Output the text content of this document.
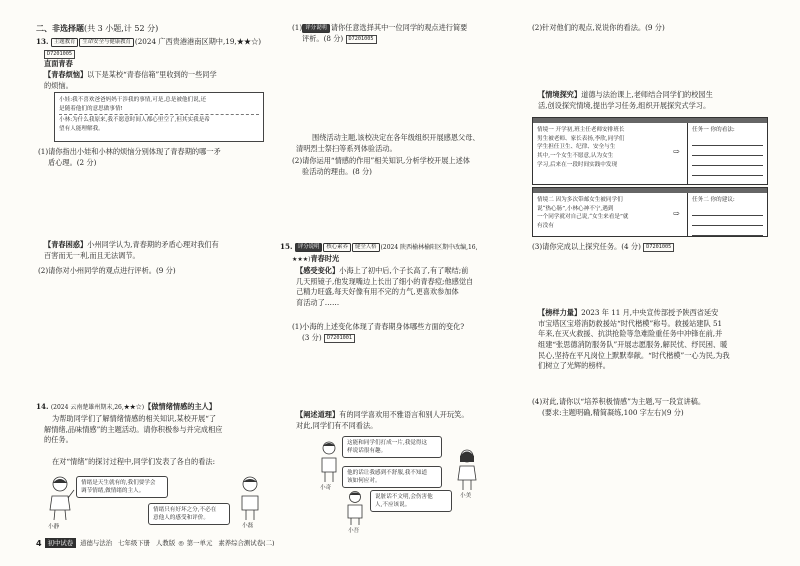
二、非选择题(共 3 小题,计 52 分)

13. 主题教育 生命安全与健康教育 (2024 广西贵港港南区期中,19,★★☆)

D7201005

直面青春

【青春烦恼】以下是某校“青春信箱”里收到的一些同学
的烦恼。

小娃:我不喜欢爸爸妈妈干涉我的事情,可是,总是被他们说,还
是随着他们的意思做事情!
小林:为什么我原来,我不愿意时间人都心里空了,但其实我是希
望有人能理解我。

(1)请你指出小娃和小林的烦恼分别体现了青春期的哪一矛
盾心理。(2 分)

【青春困惑】小州同学认为,青春期的矛盾心理对我们有
百害而无一利,而且无法调节。

(2)请你对小州同学的观点进行评析。(9 分)

14. (2024 云南楚雄州期末,26,★★☆)【做情绪情感的主人】

为帮助同学们了解情绪情感的相关知识,某校开展“了
解情绪,品味情感”的主题活动。请你积极参与并完成相应
的任务。

在对“情绪”的探讨过程中,同学们发表了各自的看法:

小静
情绪是天生就有的,我们要学会
调节情绪,做情绪的主人。
情绪只有好坏之分,不必在
意他人的感受和评价。
小磊

(1) 评分说明 请你任意选择其中一位同学的观点进行简要
评析。(8 分) D7201005

围绕活动主题,该校决定在各年级组织开展感恩父母、
清明烈士祭扫等系列体验活动。

(2)请你运用“情感的作用”相关知识,分析学校开展上述体
验活动的理由。(8 分)

15. 评分说明 核心素养 健全人格 (2024 陕西榆林榆阳区期中改编,16,

★★★)青春时光

【感受变化】小海上了初中后,个子长高了,有了喉结;前
几天照镜子,他发现嘴边上长出了细小的青春痘;他感觉自
己精力旺盛,每天好像有用不完的力气,更喜欢参加体
育活动了……

(1)小海的上述变化体现了青春期身体哪些方面的变化?
(3 分) D7201001

【阐述道理】有的同学喜欢用不雅语言和别人开玩笑。
对此,同学们有不同看法。

小奇
这能和同学们打成一片,我觉得这
样说话很有趣。
他的话让我感到不舒服,我不知道
该如何应对。
小美
说脏话不文明,会伤害他
人,不应该说。
小吾

(2)针对他们的观点,说说你的看法。(9 分)

【情境探究】道德与法治课上,老师结合同学们的校园生
活,创设探究情境,提出学习任务,组织开展探究式学习。

情境一 开学初,班主任老师安排班长
男生被老师、家长表扬,李欣,同学们
学生担任卫生、纪律、安全与生
其中,一个女生不愿意,认为女生
学习,后来在一段时间实践中发现
⇨
任务一 你的看法:
情境二 因为多次带邮女生被同学们
说“热心肠”,小林心神不宁,遇到
一个同学就对自己说,“女生来看是”就
有没有
⇨
任务二 你的建议:

(3)请你完成以上探究任务。(4 分) D7201005

【榜样力量】2023 年 11 月,中央宣传部授予陕西省延安
市宝塔区宝塔消防救援站“时代楷模”称号。救援站建队 51
年来,在灭火救援、抗洪抢险等急难险重任务中冲锋在前,并
组建“张思德消防服务队”开展志愿服务,解民忧、纾民困、暖
民心,坚持在平凡岗位上默默奉献。“时代楷模”一心为民,为我
们树立了光辉的榜样。

(4)对此,请你以“培养积极情感”为主题,写一段宣讲稿。
(要求:主题明确,精简凝练,100 字左右)(9 分)

4 初中试卷 道德与法治 七年级下册 人教版 ◎ 第一单元 素养综合测试卷(二)
